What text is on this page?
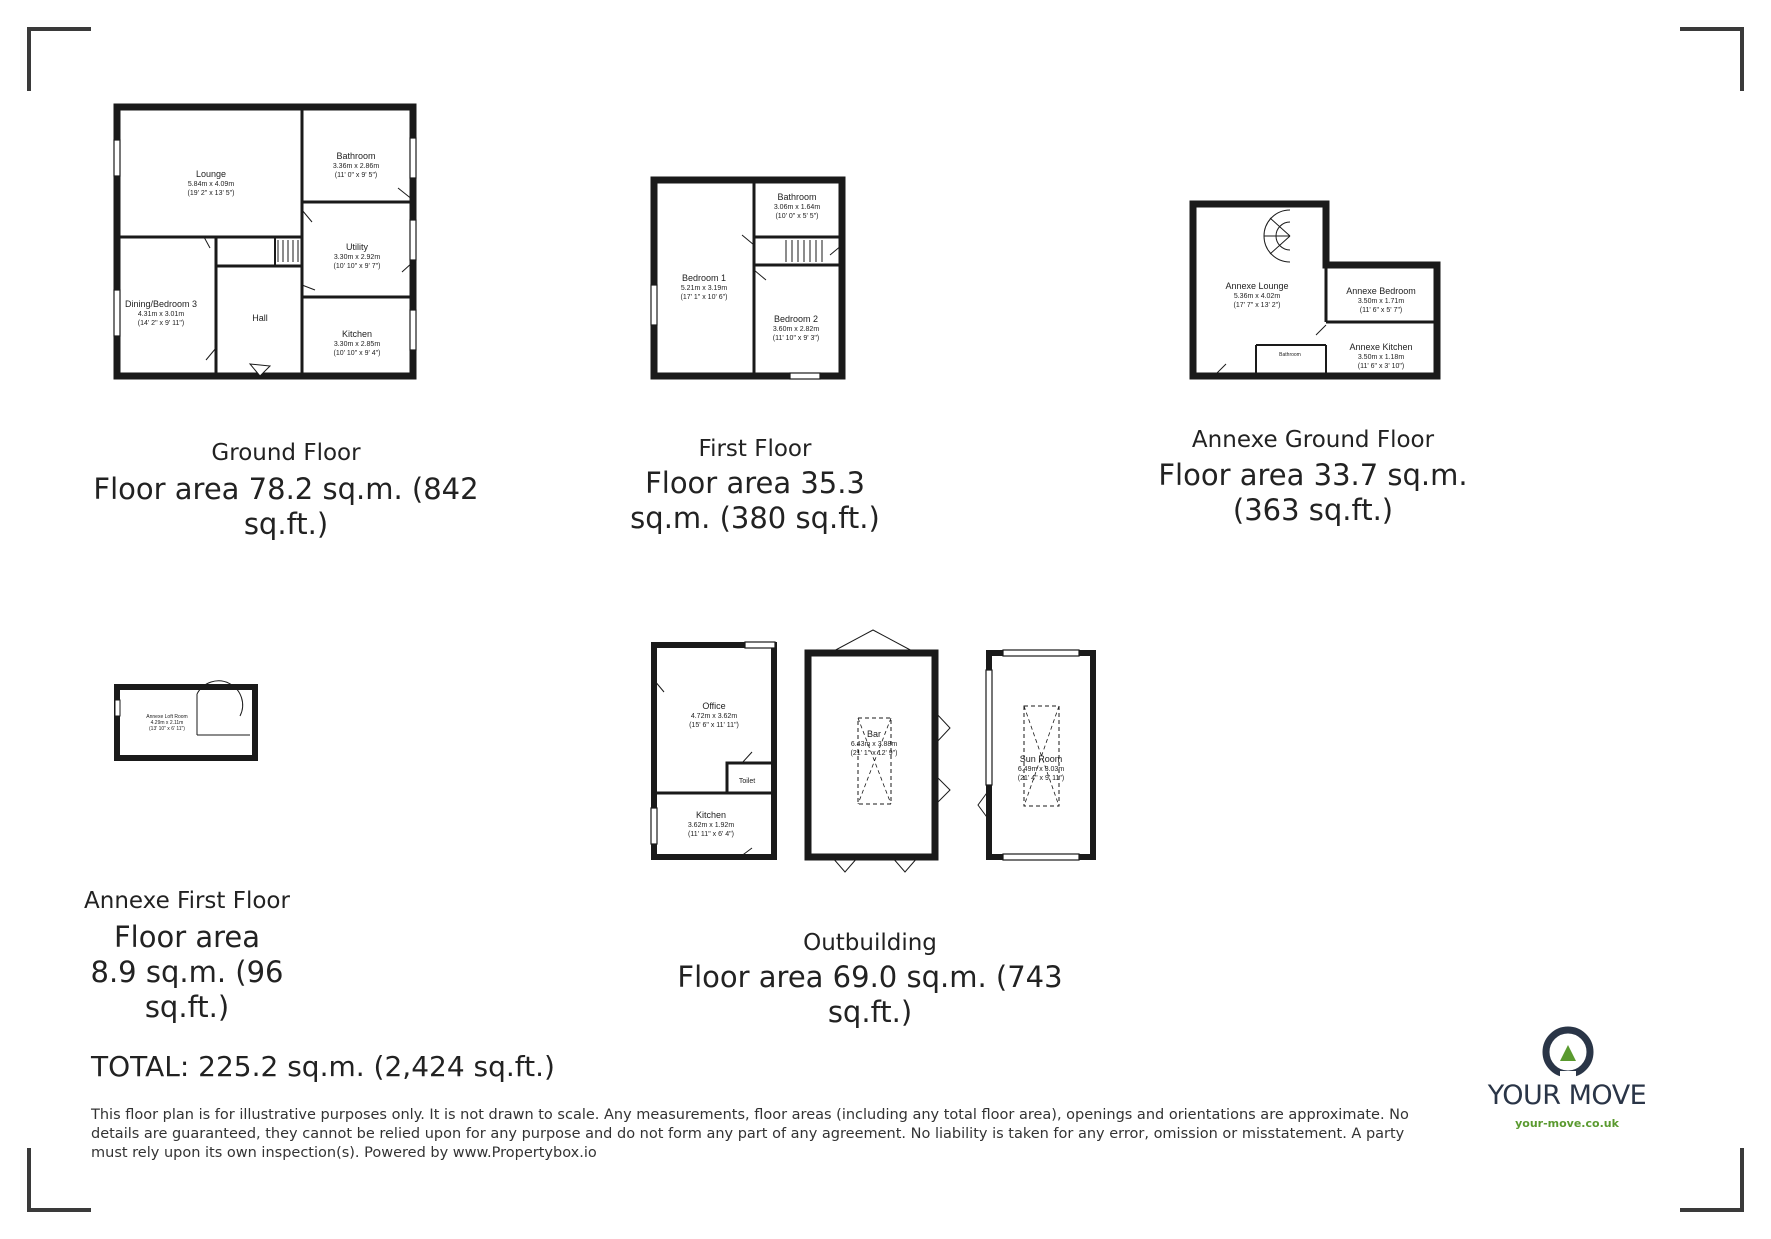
Lounge
5.84m x 4.09m
(19' 2" x 13' 5")
Bathroom
3.36m x 2.86m
(11' 0" x 9' 5")
Utility
3.30m x 2.92m
(10' 10" x 9' 7")
Dining/Bedroom 3
4.31m x 3.01m
(14' 2" x 9' 11")
Hall
Kitchen
3.30m x 2.85m
(10' 10" x 9' 4")
Bathroom
3.06m x 1.64m
(10' 0" x 5' 5")
Bedroom 1
5.21m x 3.19m
(17' 1" x 10' 6")
Bedroom 2
3.60m x 2.82m
(11' 10" x 9' 3")
Annexe Lounge
5.36m x 4.02m
(17' 7" x 13' 2")
Annexe Bedroom
3.50m x 1.71m
(11' 6" x 5' 7")
Annexe Kitchen
3.50m x 1.18m
(11' 6" x 3' 10")
Bathroom
Annexe Loft Room
4.29m x 2.11m
(13' 10" x 6' 11")
Office
4.72m x 3.62m
(15' 6" x 11' 11")
Toilet
Kitchen
3.62m x 1.92m
(11' 11" x 6' 4")
Bar
6.43m x 3.88m
(21' 1" x 12' 9")
Sun Room
6.49m x 3.03m
(21' 4" x 9' 11")
Ground Floor
Floor area 78.2 sq.m. (842 sq.ft.)
First Floor
Floor area 35.3 sq.m. (380 sq.ft.)
Annexe Ground Floor
Floor area 33.7 sq.m. (363 sq.ft.)
Annexe First Floor
Floor area 8.9 sq.m. (96 sq.ft.)
Outbuilding
Floor area 69.0 sq.m. (743 sq.ft.)
TOTAL: 225.2 sq.m. (2,424 sq.ft.)
This floor plan is for illustrative purposes only. It is not drawn to scale. Any measurements, floor areas (including any total floor area), openings and orientations are approximate. No details are guaranteed, they cannot be relied upon for any purpose and do not form any part of any agreement. No liability is taken for any error, omission or misstatement. A party must rely upon its own inspection(s). Powered by www.Propertybox.io
YOUR MOVE
your-move.co.uk
